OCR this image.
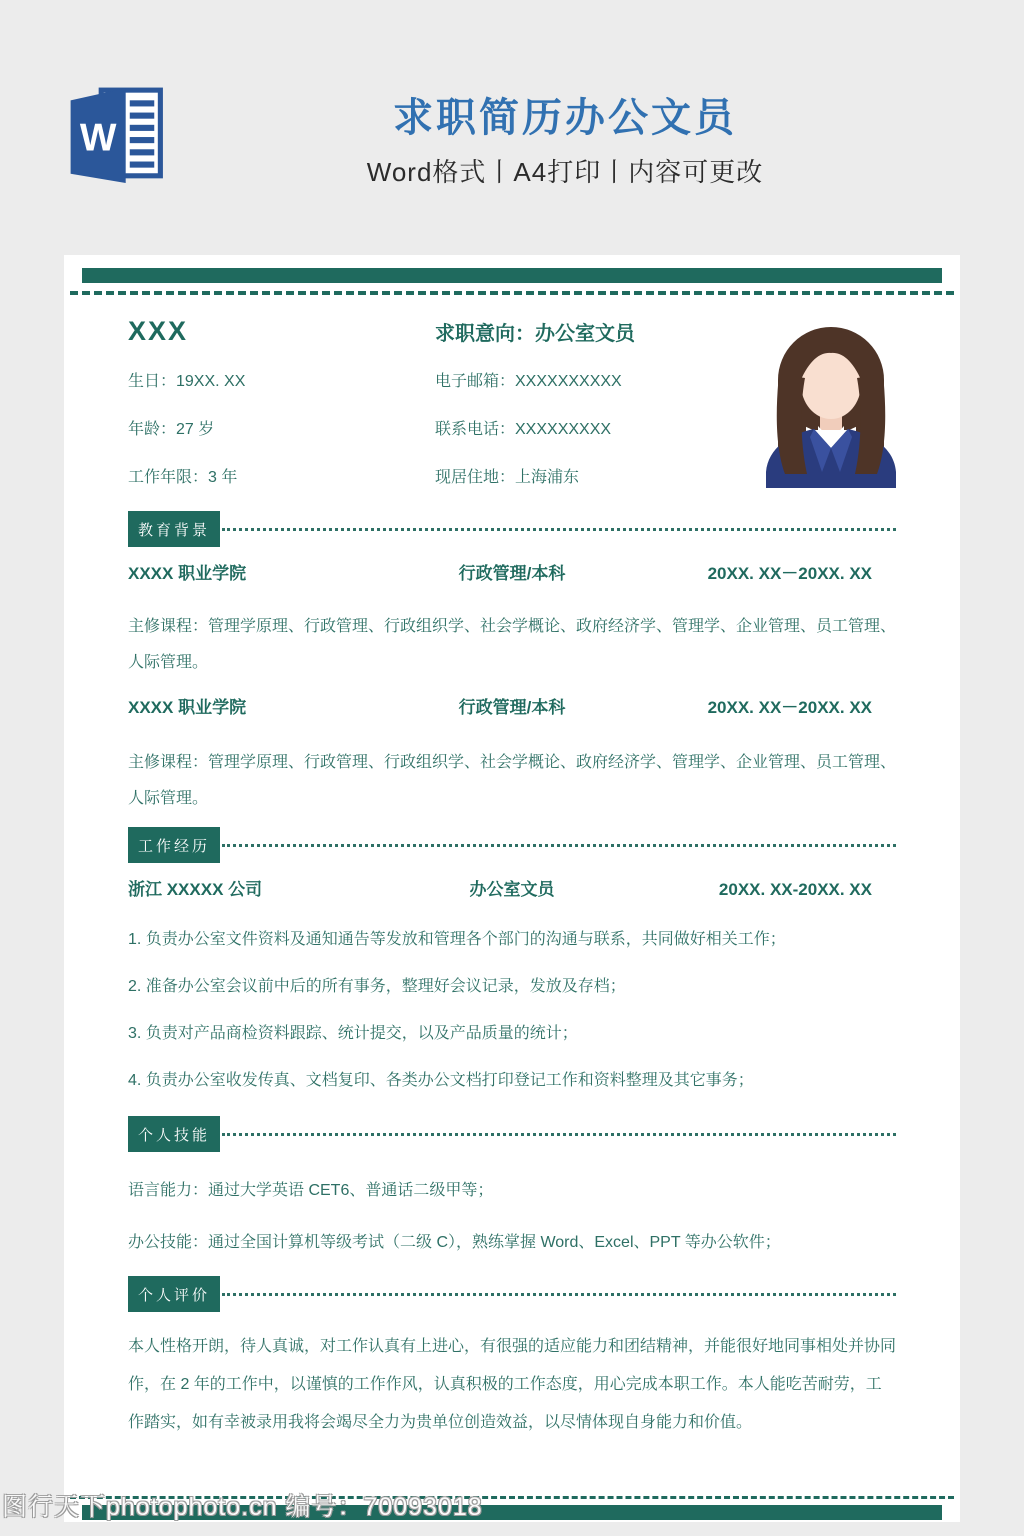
W	求职简历办公文员
Word格式丨A4打印丨内容可更改
XXX	求职意向：办公室文员
生日：19XX. XX	电子邮箱：XXXXXXXXXX
年龄：27 岁	联系电话：XXXXXXXXX
工作年限：3 年	现居住地：上海浦东
教育背景
XXXX 职业学院	行政管理/本科	20XX. XX－20XX. XX
主修课程：管理学原理、行政管理、行政组织学、社会学概论、政府经济学、管理学、企业管理、员工管理、人际管理。
XXXX 职业学院	行政管理/本科	20XX. XX－20XX. XX
主修课程：管理学原理、行政管理、行政组织学、社会学概论、政府经济学、管理学、企业管理、员工管理、人际管理。
工作经历
浙江 XXXXX 公司	办公室文员	20XX. XX-20XX. XX

1. 负责办公室文件资料及通知通告等发放和管理各个部门的沟通与联系，共同做好相关工作；

2. 准备办公室会议前中后的所有事务，整理好会议记录，发放及存档；

3. 负责对产品商检资料跟踪、统计提交，以及产品质量的统计；

4. 负责办公室收发传真、文档复印、各类办公文档打印登记工作和资料整理及其它事务；

个人技能
语言能力：通过大学英语 CET6、普通话二级甲等；
办公技能：通过全国计算机等级考试（二级 C），熟练掌握 Word、Excel、PPT 等办公软件；
个人评价
本人性格开朗，待人真诚，对工作认真有上进心，有很强的适应能力和团结精神，并能很好地同事相处并协同作，在 2 年的工作中，以谨慎的工作作风，认真积极的工作态度，用心完成本职工作。本人能吃苦耐劳，工作踏实，如有幸被录用我将会竭尽全力为贵单位创造效益，以尽情体现自身能力和价值。
图行天下photophoto.cn 编号：70093018
